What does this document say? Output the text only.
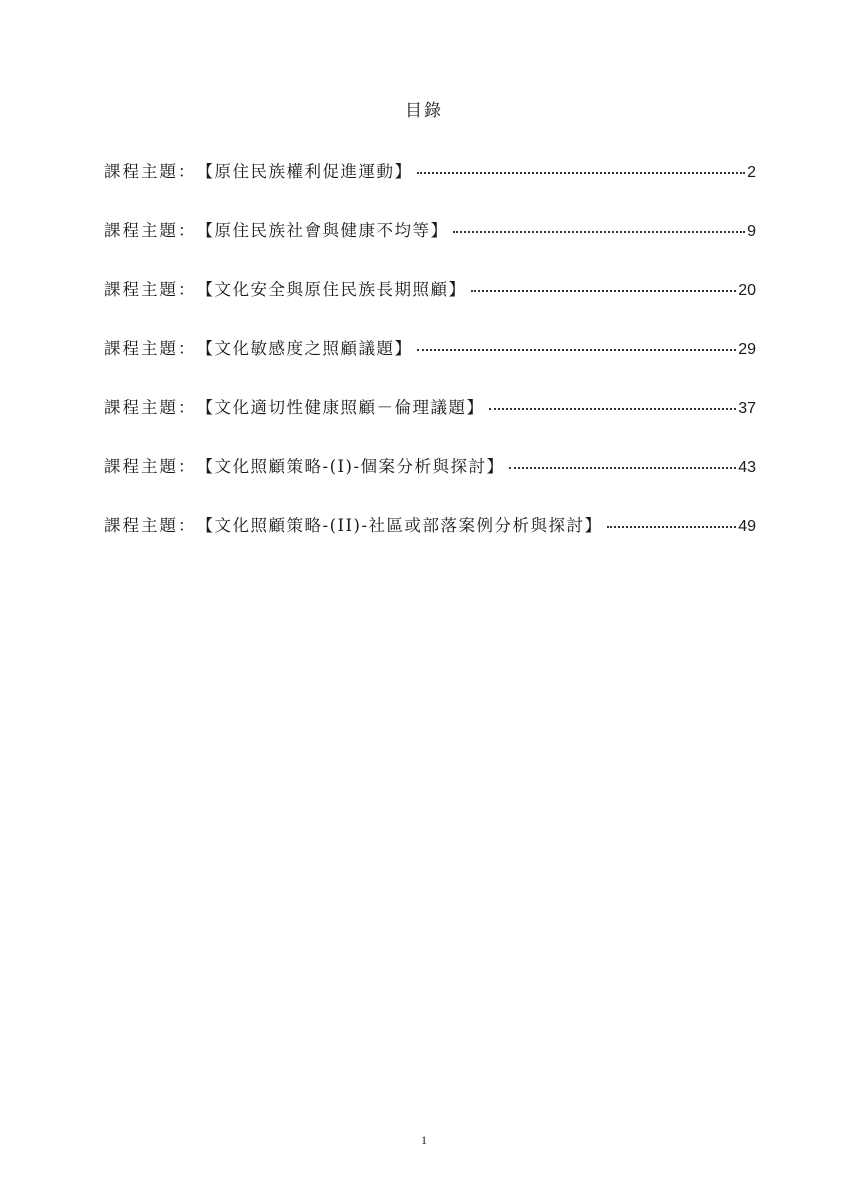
目錄
課程主題： 【原住民族權利促進運動】	2
課程主題： 【原住民族社會與健康不均等】	9
課程主題： 【文化安全與原住民族長期照顧】	20
課程主題： 【文化敏感度之照顧議題】	29
課程主題： 【文化適切性健康照顧－倫理議題】	37
課程主題： 【文化照顧策略-(I)-個案分析與探討】	43
課程主題： 【文化照顧策略-(II)-社區或部落案例分析與探討】	49
1
